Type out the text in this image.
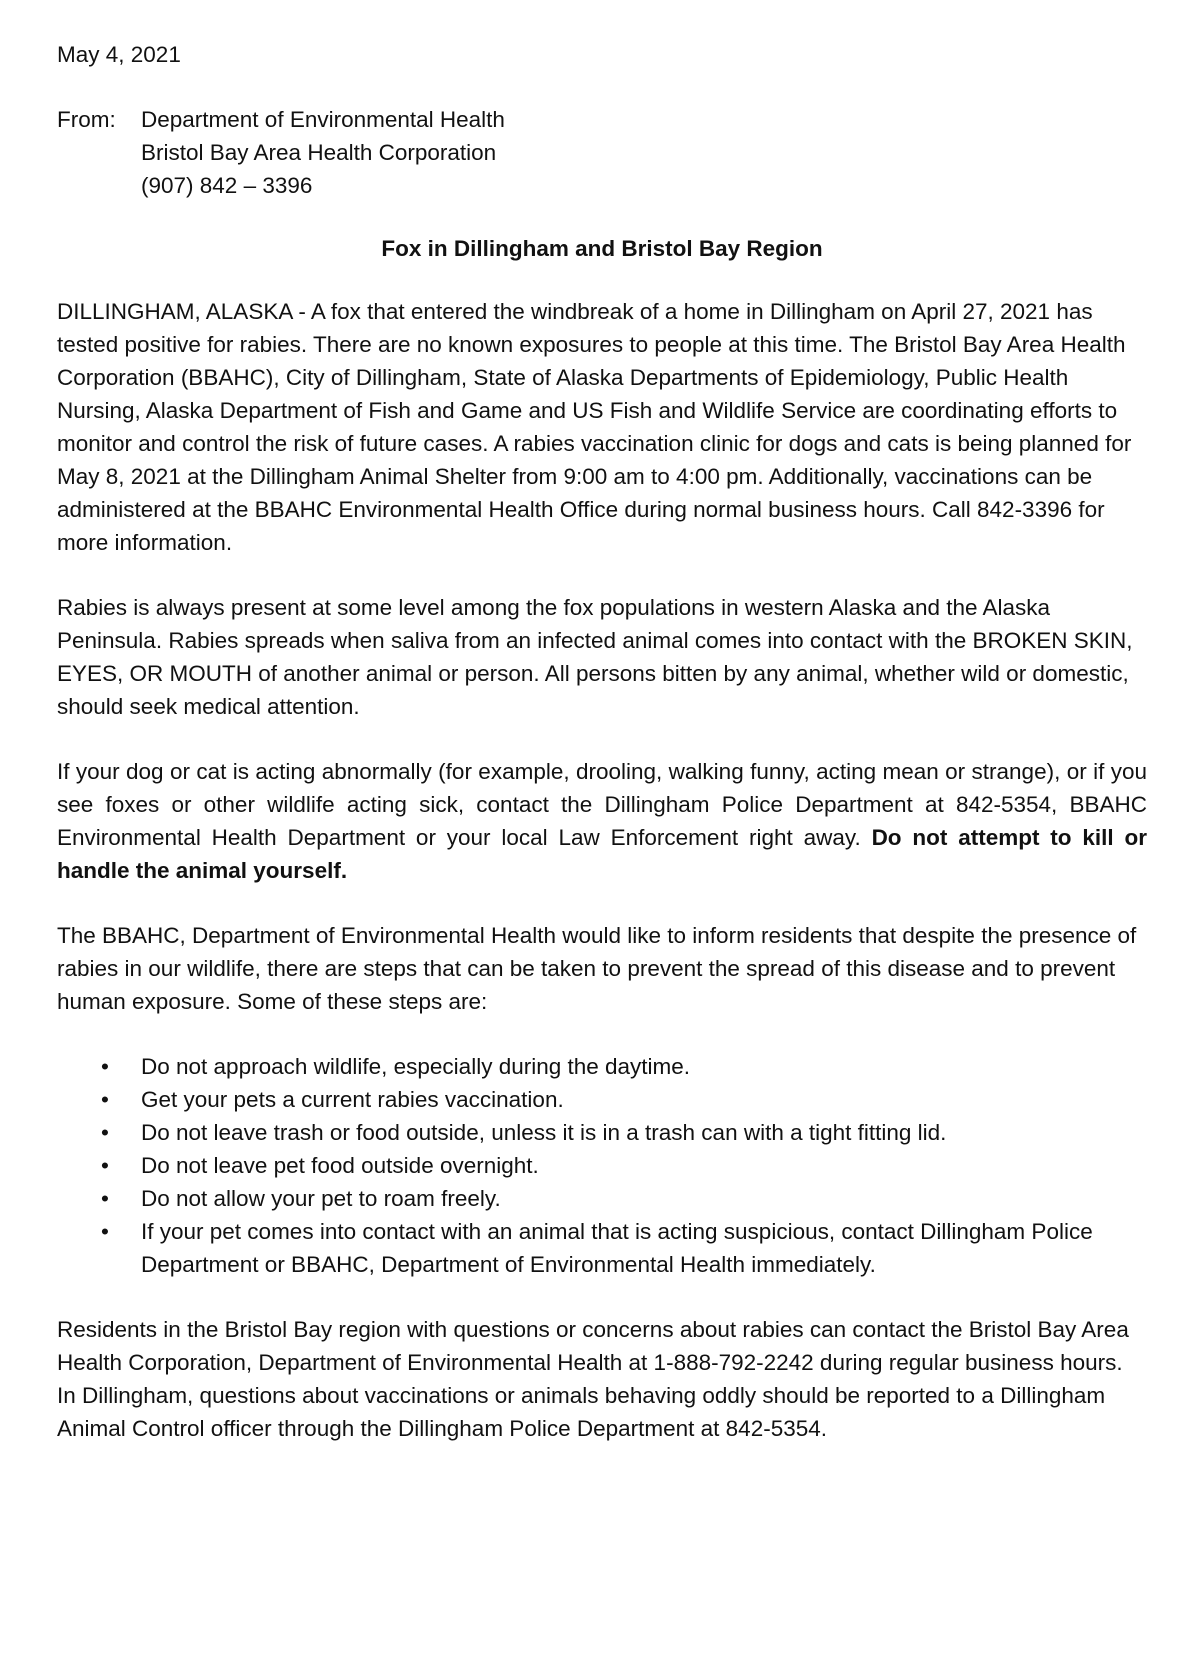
May 4, 2021
From:	Department of Environmental Health
Bristol Bay Area Health Corporation
(907) 842 – 3396
Fox in Dillingham and Bristol Bay Region

DILLINGHAM, ALASKA - A fox that entered the windbreak of a home in Dillingham on April 27, 2021 has tested positive for rabies. There are no known exposures to people at this time. The Bristol Bay Area Health Corporation (BBAHC), City of Dillingham, State of Alaska Departments of Epidemiology, Public Health Nursing, Alaska Department of Fish and Game and US Fish and Wildlife Service are coordinating efforts to monitor and control the risk of future cases. A rabies vaccination clinic for dogs and cats is being planned for May 8, 2021 at the Dillingham Animal Shelter from 9:00 am to 4:00 pm. Additionally, vaccinations can be administered at the BBAHC Environmental Health Office during normal business hours. Call 842-3396 for more information.

Rabies is always present at some level among the fox populations in western Alaska and the Alaska Peninsula. Rabies spreads when saliva from an infected animal comes into contact with the BROKEN SKIN, EYES, OR MOUTH of another animal or person. All persons bitten by any animal, whether wild or domestic, should seek medical attention.

If your dog or cat is acting abnormally (for example, drooling, walking funny, acting mean or strange), or if you see foxes or other wildlife acting sick, contact the Dillingham Police Department at 842-5354, BBAHC Environmental Health Department or your local Law Enforcement right away. Do not attempt to kill or handle the animal yourself.

The BBAHC, Department of Environmental Health would like to inform residents that despite the presence of rabies in our wildlife, there are steps that can be taken to prevent the spread of this disease and to prevent human exposure. Some of these steps are:

• Do not approach wildlife, especially during the daytime.
• Get your pets a current rabies vaccination.
• Do not leave trash or food outside, unless it is in a trash can with a tight fitting lid.
• Do not leave pet food outside overnight.
• Do not allow your pet to roam freely.
• If your pet comes into contact with an animal that is acting suspicious, contact Dillingham Police Department or BBAHC, Department of Environmental Health immediately.

Residents in the Bristol Bay region with questions or concerns about rabies can contact the Bristol Bay Area Health Corporation, Department of Environmental Health at 1-888-792-2242 during regular business hours. In Dillingham, questions about vaccinations or animals behaving oddly should be reported to a Dillingham Animal Control officer through the Dillingham Police Department at 842-5354.
